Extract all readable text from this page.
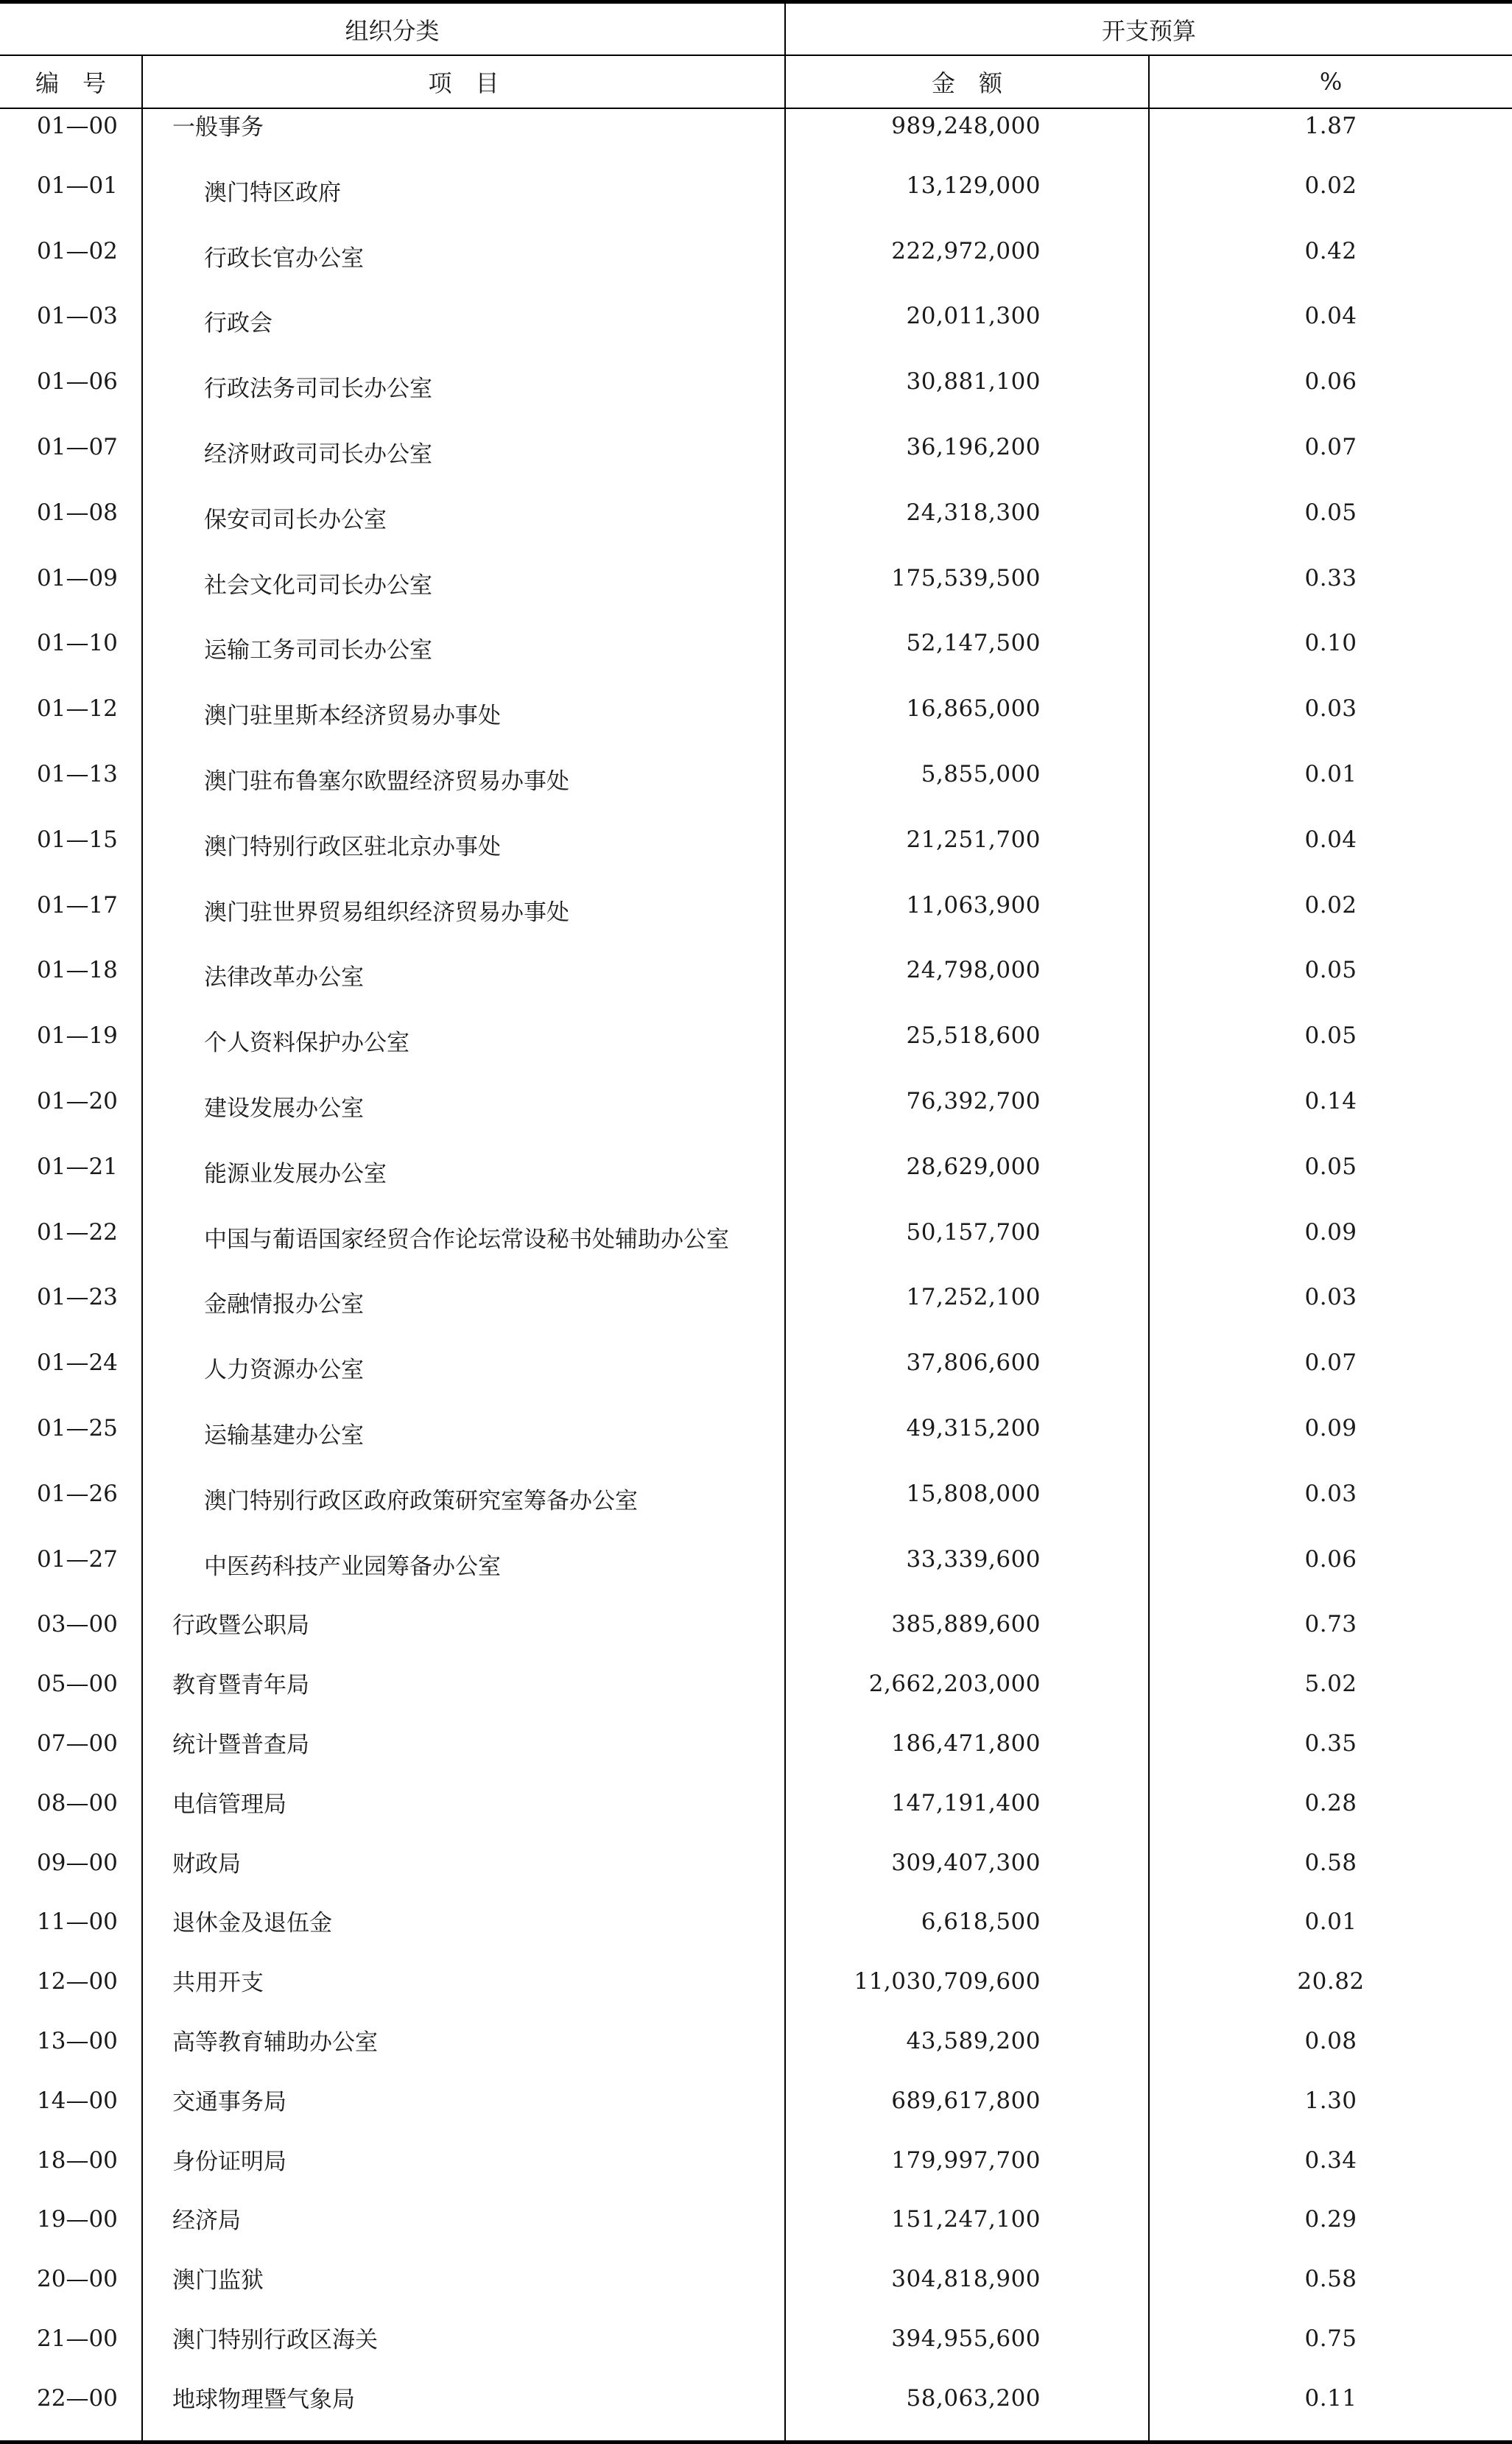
组织分类		开支预算	
编　号	项　目	金　额	%
01—00	一般事务	989,248,000	1.87
01—01	澳门特区政府	13,129,000	0.02
01—02	行政长官办公室	222,972,000	0.42
01—03	行政会	20,011,300	0.04
01—06	行政法务司司长办公室	30,881,100	0.06
01—07	经济财政司司长办公室	36,196,200	0.07
01—08	保安司司长办公室	24,318,300	0.05
01—09	社会文化司司长办公室	175,539,500	0.33
01—10	运输工务司司长办公室	52,147,500	0.10
01—12	澳门驻里斯本经济贸易办事处	16,865,000	0.03
01—13	澳门驻布鲁塞尔欧盟经济贸易办事处	5,855,000	0.01
01—15	澳门特别行政区驻北京办事处	21,251,700	0.04
01—17	澳门驻世界贸易组织经济贸易办事处	11,063,900	0.02
01—18	法律改革办公室	24,798,000	0.05
01—19	个人资料保护办公室	25,518,600	0.05
01—20	建设发展办公室	76,392,700	0.14
01—21	能源业发展办公室	28,629,000	0.05
01—22	中国与葡语国家经贸合作论坛常设秘书处辅助办公室	50,157,700	0.09
01—23	金融情报办公室	17,252,100	0.03
01—24	人力资源办公室	37,806,600	0.07
01—25	运输基建办公室	49,315,200	0.09
01—26	澳门特别行政区政府政策研究室筹备办公室	15,808,000	0.03
01—27	中医药科技产业园筹备办公室	33,339,600	0.06
03—00	行政暨公职局	385,889,600	0.73
05—00	教育暨青年局	2,662,203,000	5.02
07—00	统计暨普查局	186,471,800	0.35
08—00	电信管理局	147,191,400	0.28
09—00	财政局	309,407,300	0.58
11—00	退休金及退伍金	6,618,500	0.01
12—00	共用开支	11,030,709,600	20.82
13—00	高等教育辅助办公室	43,589,200	0.08
14—00	交通事务局	689,617,800	1.30
18—00	身份证明局	179,997,700	0.34
19—00	经济局	151,247,100	0.29
20—00	澳门监狱	304,818,900	0.58
21—00	澳门特别行政区海关	394,955,600	0.75
22—00	地球物理暨气象局	58,063,200	0.11
